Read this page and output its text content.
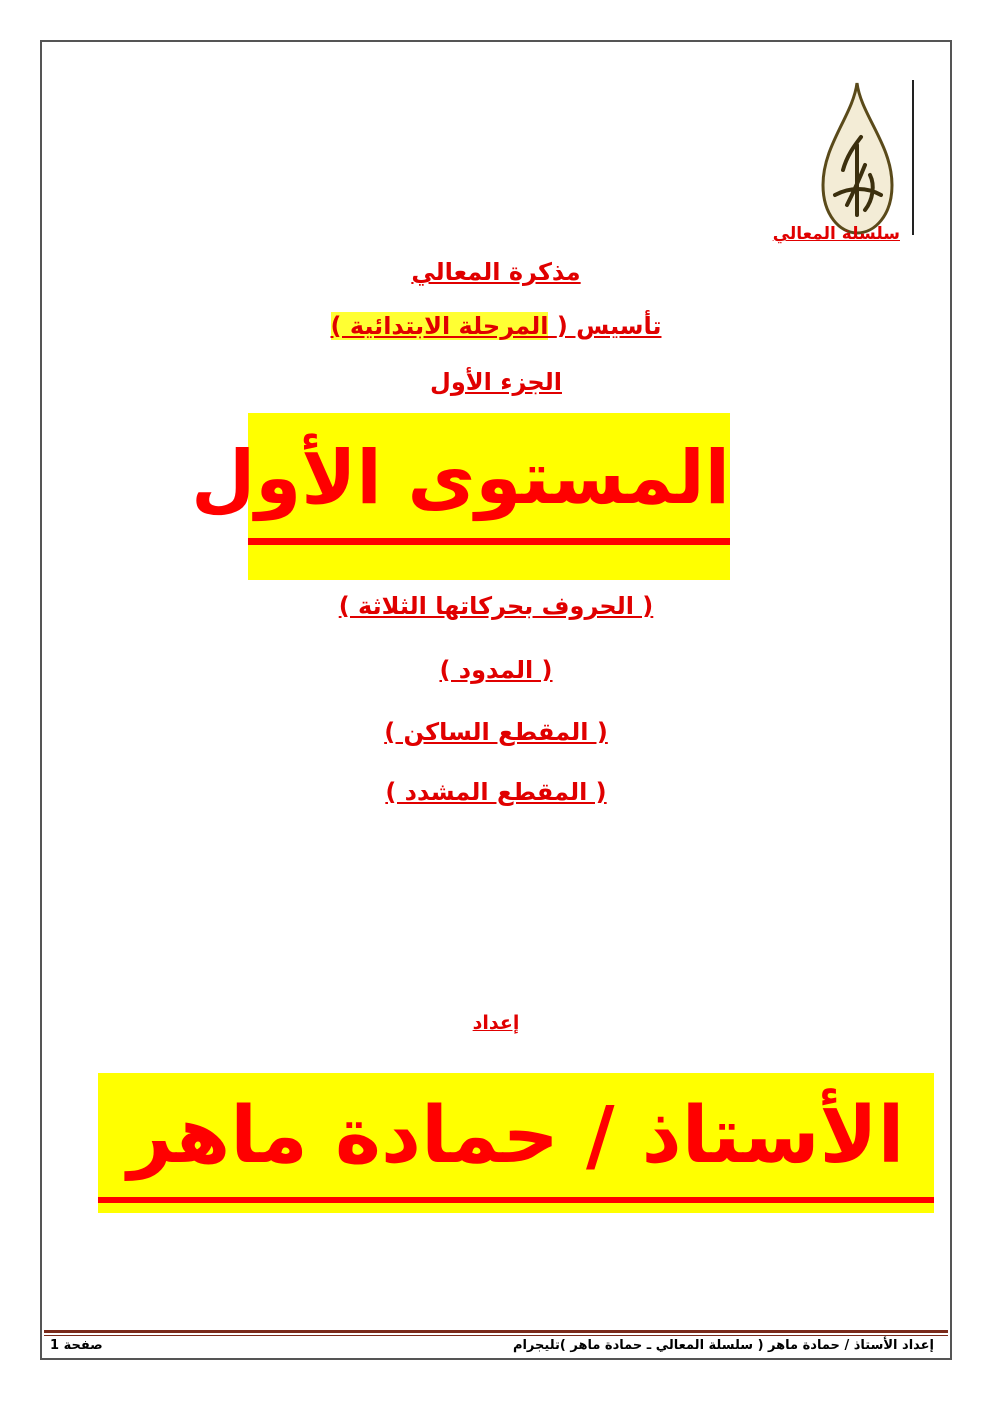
سلسلة المعالي
مذكرة المعالي
تأسيس ( المرحلة الابتدائية )
الجزء الأول
المستوى الأول
( الحروف بحركاتها الثلاثة )
( المدود )
( المقطع الساكن )
( المقطع المشدد )
إعداد
الأستاذ / حمادة ماهر
إعداد الأستاذ / حمادة ماهر ( سلسلة المعالي ـ حمادة ماهر )تليجرام
صفحة 1
